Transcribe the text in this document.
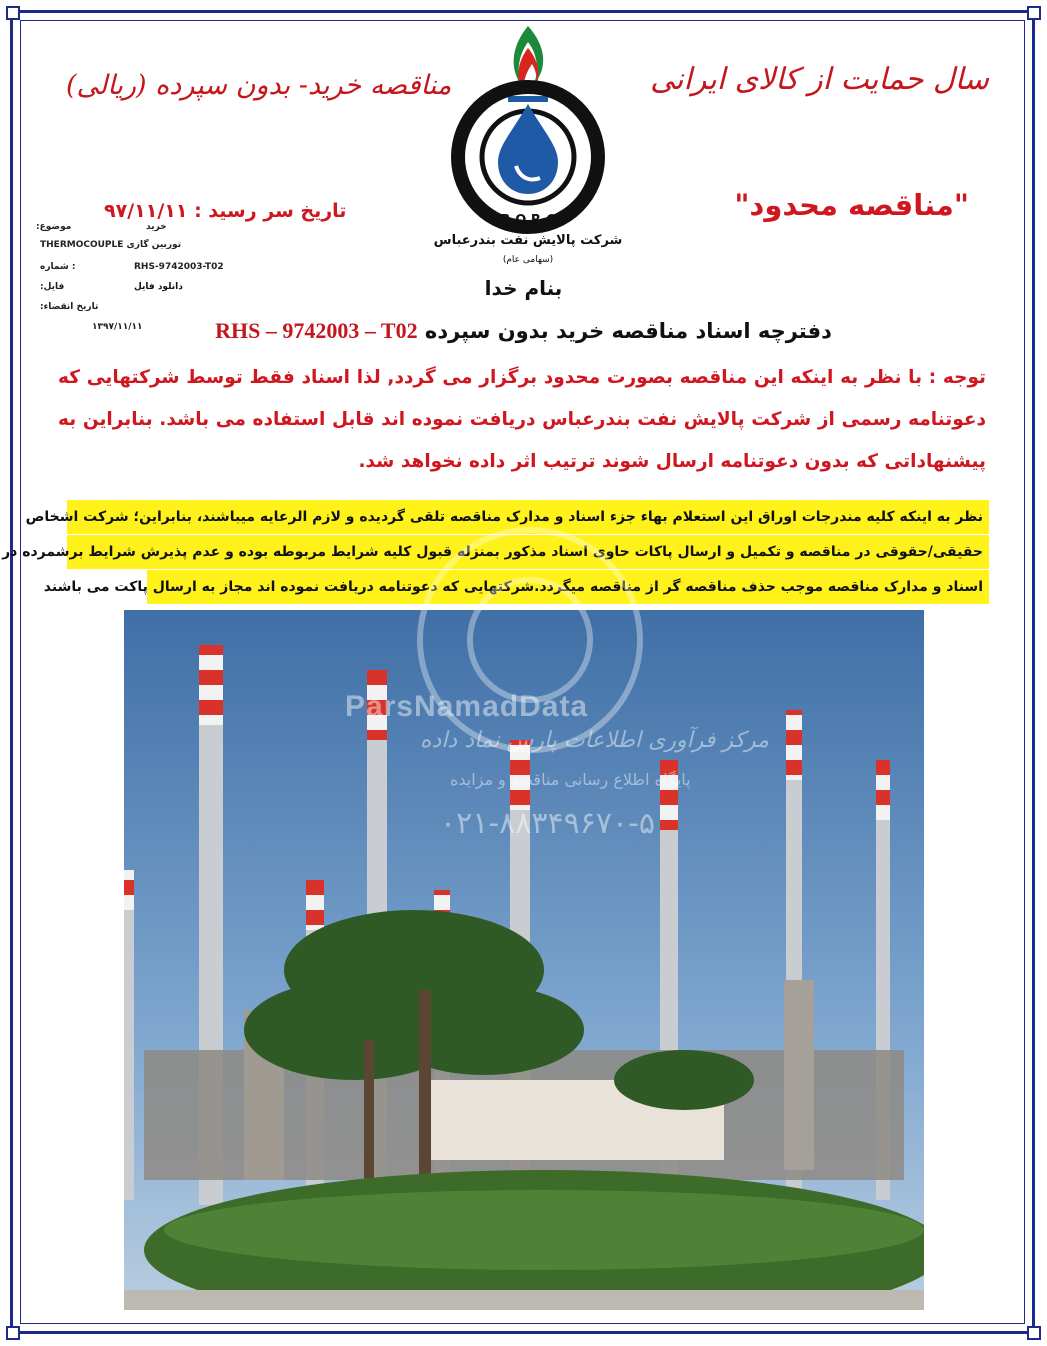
سال حمایت از کالای ایرانی
مناقصه خرید- بدون سپرده (ریالی)
"مناقصه محدود"
تاریخ سر رسید : ۹۷/۱۱/۱۱
موضوع:	خرید
توربین گازی THERMOCOUPLE
: شماره	RHS-9742003-T02
فایل:	دانلود فایل
تاریخ انقضاء:
۱۳۹۷/۱۱/۱۱
B.O.R.C
شرکت پالایش نفت بندرعباس
(سهامی عام)
بنام خدا
دفترچه اسناد مناقصه خرید بدون سپرده RHS – 9742003 – T02
توجه : با نظر به اینکه این مناقصه بصورت محدود برگزار می گردد, لذا اسناد فقط توسط شرکتهایی که دعوتنامه رسمی از شرکت پالایش نفت بندرعباس دریافت نموده اند قابل استفاده می باشد. بنابراین به پیشنهاداتی که بدون دعوتنامه ارسال شوند ترتیب اثر داده نخواهد شد.
نظر به اینکه کلیه مندرجات اوراق این استعلام بهاء جزء اسناد و مدارک مناقصه تلقی گردیده و لازم الرعایه میباشند، بنابراین؛ شرکت اشخاص
حقیقی/حقوقی در مناقصه و تکمیل و ارسال پاکات حاوی اسناد مذکور بمنزله قبول کلیه شرایط مربوطه بوده و عدم پذیرش شرایط برشمرده در
اسناد و مدارک مناقصه موجب حذف مناقصه گر از مناقصه میگردد.شرکتهایی که دعوتنامه دریافت نموده اند مجاز به ارسال پاکت می باشند
ParsNamadData
مرکز فرآوری اطلاعات پارس نماد داده
پایگاه اطلاع رسانی مناقصه و مزایده
۰۲۱-۸۸۳۴۹۶۷۰-۵
